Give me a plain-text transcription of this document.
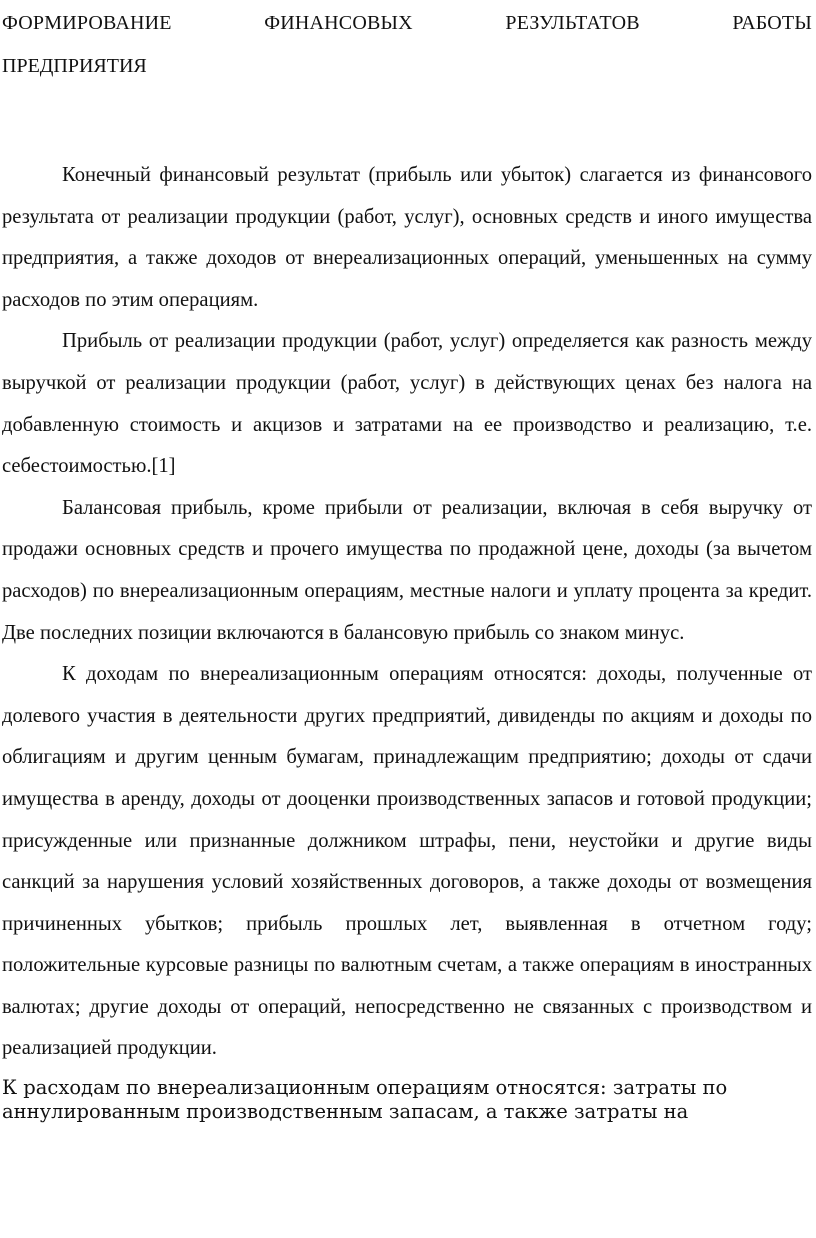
ФОРМИРОВАНИЕ ФИНАНСОВЫХ РЕЗУЛЬТАТОВ РАБОТЫ
ПРЕДПРИЯТИЯ

Конечный финансовый результат (прибыль или убыток) слагается из финансового результата от реализации продукции (работ, услуг), основных средств и иного имущества предприятия, а также доходов от внереализационных операций, уменьшенных на сумму расходов по этим операциям.

Прибыль от реализации продукции (работ, услуг) определяется как разность между выручкой от реализации продукции (работ, услуг) в действующих ценах без налога на добавленную стоимость и акцизов и затратами на ее производство и реализацию, т.е. себестоимостью.[1]

Балансовая прибыль, кроме прибыли от реализации, включая в себя выручку от продажи основных средств и прочего имущества по продажной цене, доходы (за вычетом расходов) по внереализационным операциям, местные налоги и уплату процента за кредит. Две последних позиции включаются в балансовую прибыль со знаком минус.

К доходам по внереализационным операциям относятся: доходы, полученные от долевого участия в деятельности других предприятий, дивиденды по акциям и доходы по облигациям и другим ценным бумагам, принадлежащим предприятию; доходы от сдачи имущества в аренду, доходы от дооценки производственных запасов и готовой продукции; присужденные или признанные должником штрафы, пени, неустойки и другие виды санкций за нарушения условий хозяйственных договоров, а также доходы от возмещения причиненных убытков; прибыль прошлых лет, выявленная в отчетном году; положительные курсовые разницы по валютным счетам, а также операциям в иностранных валютах; другие доходы от операций, непосредственно не связанных с производством и реализацией продукции.

К расходам по внереализационным операциям относятся: затраты по аннулированным производственным запасам, а также затраты на
